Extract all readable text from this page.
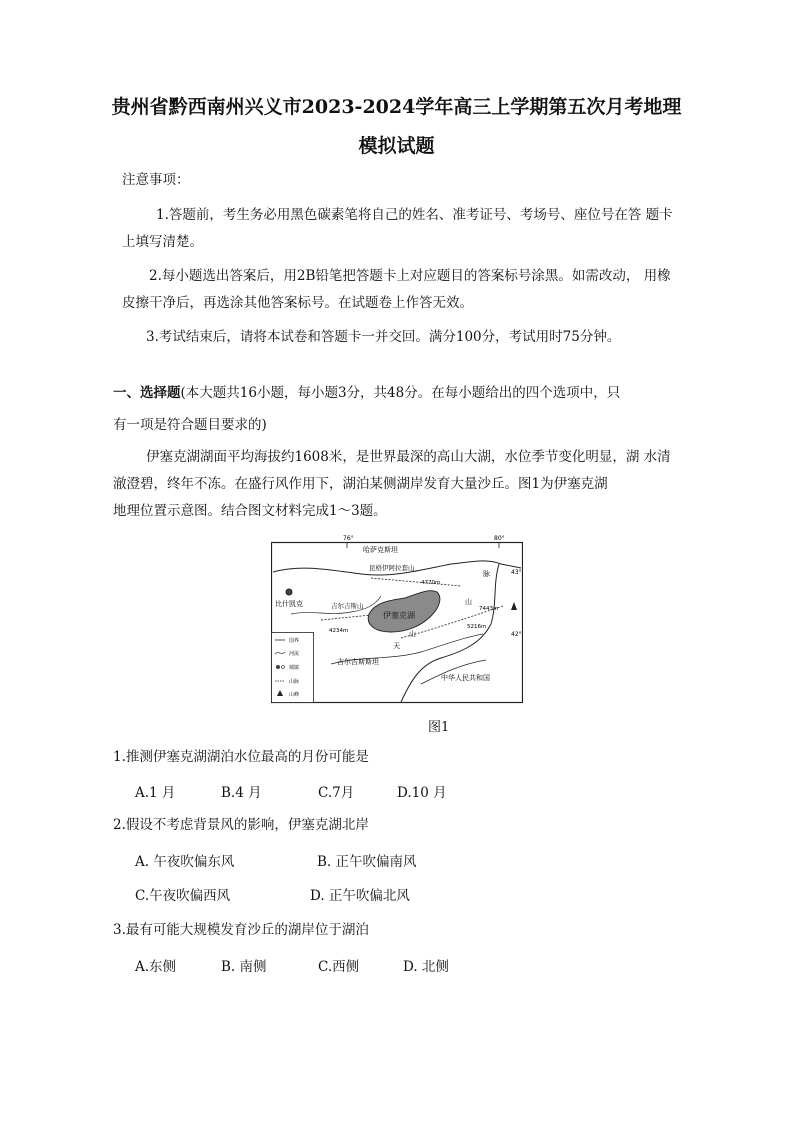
贵州省黔西南州兴义市2023-2024学年高三上学期第五次月考地理
模拟试题
注意事项：
1.答题前，考生务必用黑色碳素笔将自己的姓名、准考证号、考场号、座位号在答 题卡
上填写清楚。
2.每小题选出答案后，用2B铅笔把答题卡上对应题目的答案标号涂黑。如需改动， 用橡
皮擦干净后，再选涂其他答案标号。在试题卷上作答无效。
3.考试结束后，请将本试卷和答题卡一并交回。满分100分，考试用时75分钟。
一、选择题(本大题共16小题，每小题3分，共48分。在每小题给出的四个选项中，只
有一项是符合题目要求的)
伊塞克湖湖面平均海拔约1608米，是世界最深的高山大湖，水位季节变化明显，湖 水清
澈澄碧，终年不冻。在盛行风作用下，湖泊某侧湖岸发育大量沙丘。图1为伊塞克湖
地理位置示意图。结合图文材料完成1～3题。
76°	80°
43°
42°
伊塞克湖
哈萨克斯坦
昆格伊阿拉套山
4770m
比什凯克	吉尔吉斯山
4234m
天
山
山
脉
7443m
5216m
吉尔吉斯斯坦
中华人民共和国
国界
河流
城镇
山脉
山峰
图1
1.推测伊塞克湖湖泊水位最高的月份可能是
A.1 月	B.4 月	C.7月	D.10 月
2.假设不考虑背景风的影响，伊塞克湖北岸
A. 午夜吹偏东风	B. 正午吹偏南风
C.午夜吹偏西风	D. 正午吹偏北风
3.最有可能大规模发育沙丘的湖岸位于湖泊
A.东侧	B. 南侧	C.西侧	D. 北侧
